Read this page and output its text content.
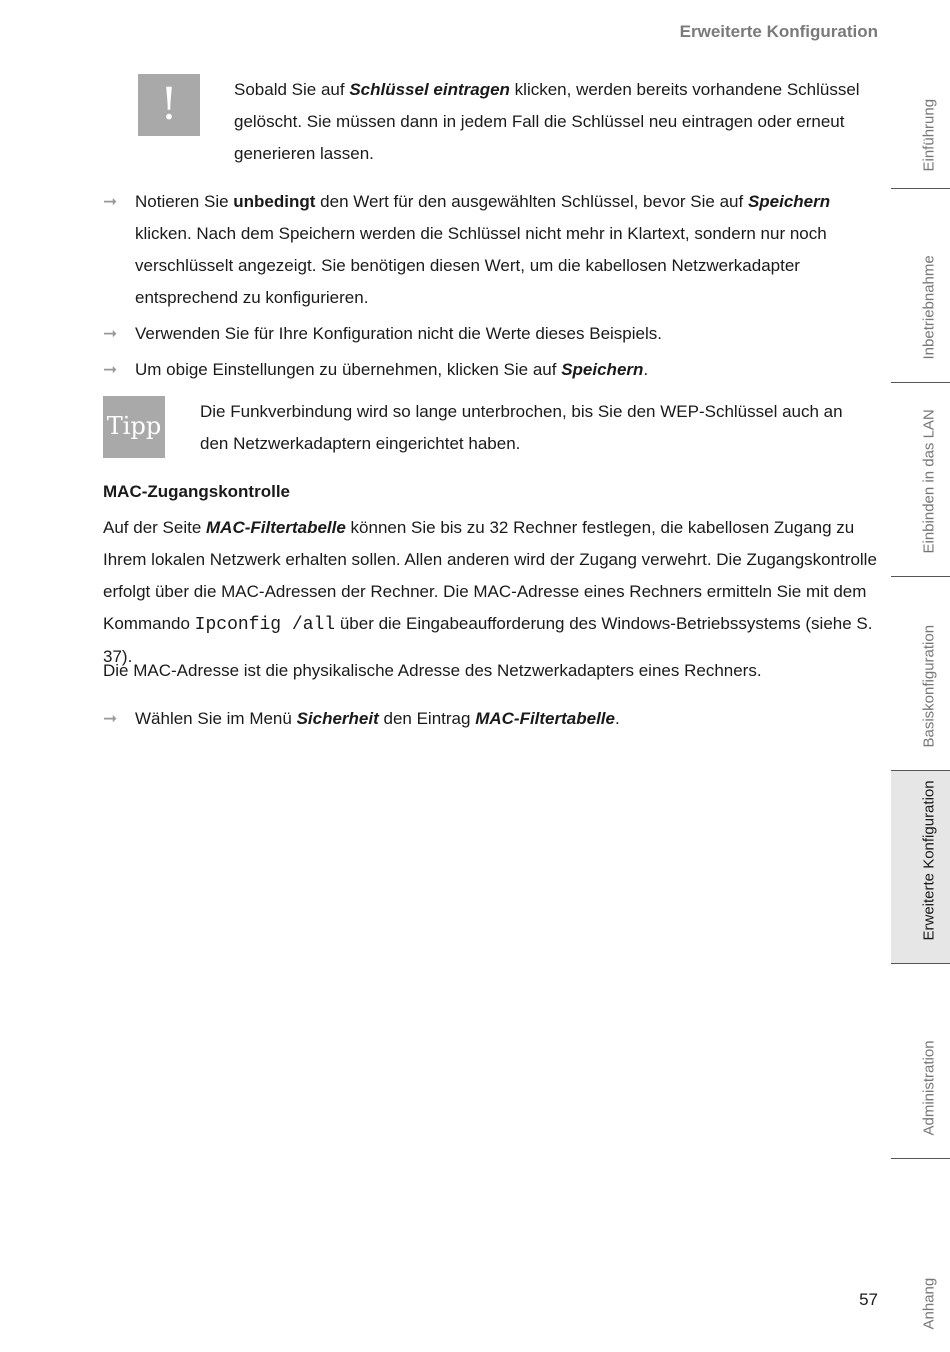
Erweiterte Konfiguration
!	Sobald Sie auf Schlüssel eintragen klicken, werden bereits vorhandene Schlüssel gelöscht. Sie müssen dann in jedem Fall die Schlüssel neu eintragen oder erneut generieren lassen.

➞	Notieren Sie unbedingt den Wert für den ausgewählten Schlüssel, bevor Sie auf Speichern klicken. Nach dem Speichern werden die Schlüssel nicht mehr in Klartext, sondern nur noch verschlüsselt angezeigt. Sie benötigen diesen Wert, um die kabellosen Netzwerkadapter entsprechend zu konfigurieren.

➞	Verwenden Sie für Ihre Konfiguration nicht die Werte dieses Beispiels.

➞	Um obige Einstellungen zu übernehmen, klicken Sie auf Speichern.

Tipp

Die Funkverbindung wird so lange unterbrochen, bis Sie den WEP-Schlüssel auch an den Netzwerkadaptern eingerichtet haben.

MAC-Zugangskontrolle

Auf der Seite MAC-Filtertabelle können Sie bis zu 32 Rechner festlegen, die kabellosen Zugang zu Ihrem lokalen Netzwerk erhalten sollen. Allen anderen wird der Zugang verwehrt. Die Zugangskontrolle erfolgt über die MAC-Adressen der Rechner. Die MAC-Adresse eines Rechners ermitteln Sie mit dem Kommando Ipconfig /all über die Eingabeaufforderung des Windows-Betriebssystems (siehe S. 37).

Die MAC-Adresse ist die physikalische Adresse des Netzwerkadapters eines Rechners.

➞	Wählen Sie im Menü Sicherheit den Eintrag MAC-Filtertabelle.

Einführung
Inbetriebnahme
Einbinden in das LAN
Basiskonfiguration
Erweiterte Konfiguration
Administration
Anhang
57
